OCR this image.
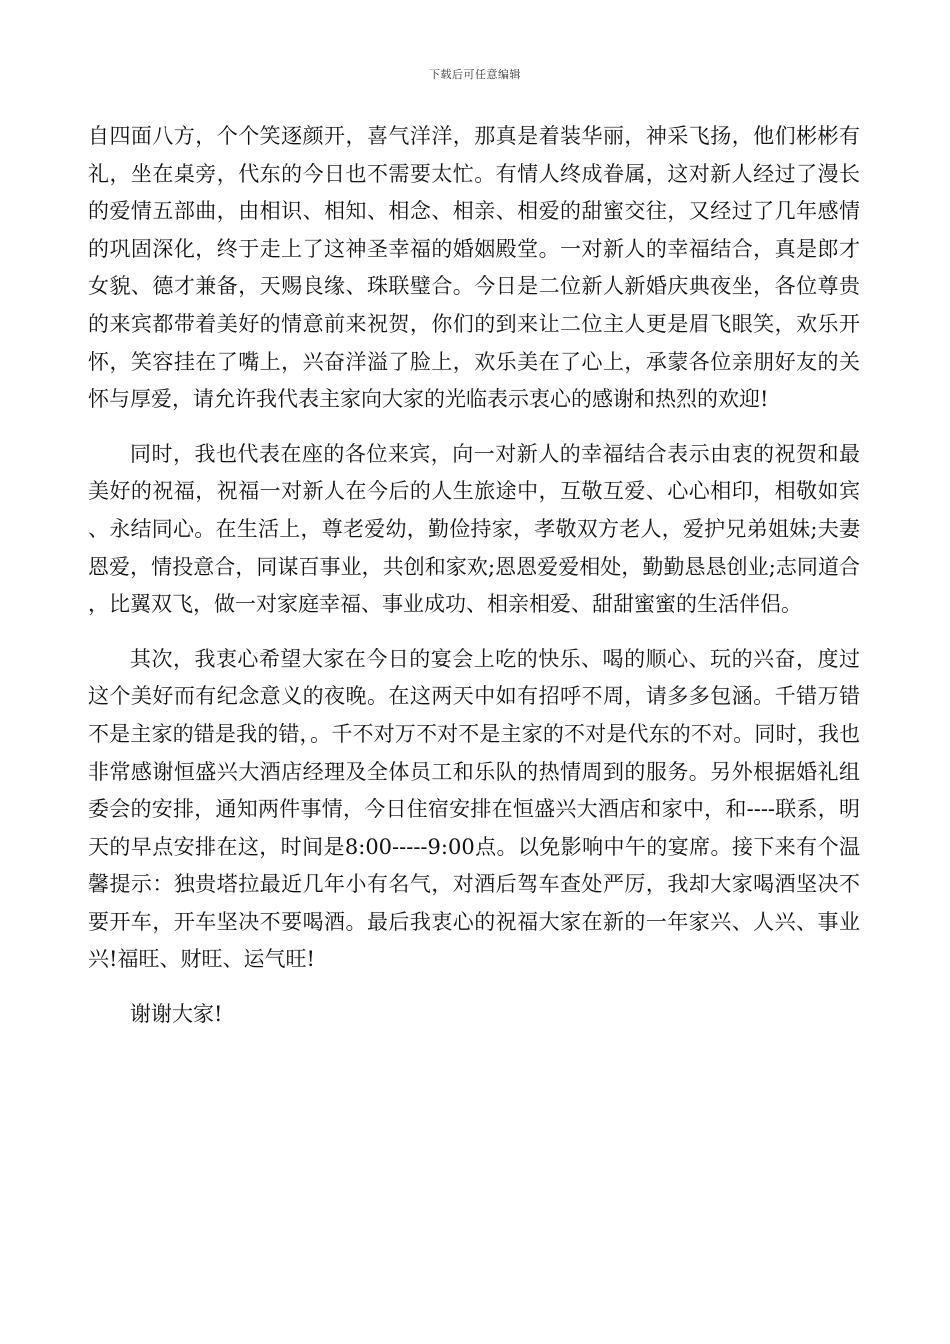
下载后可任意编辑

自四面八方，个个笑逐颜开，喜气洋洋，那真是着装华丽，神采飞扬，他们彬彬有礼，坐在桌旁，代东的今日也不需要太忙。有情人终成眷属，这对新人经过了漫长的爱情五部曲，由相识、相知、相念、相亲、相爱的甜蜜交往，又经过了几年感情的巩固深化，终于走上了这神圣幸福的婚姻殿堂。一对新人的幸福结合，真是郎才女貌、德才兼备，天赐良缘、珠联璧合。今日是二位新人新婚庆典夜坐，各位尊贵的来宾都带着美好的情意前来祝贺，你们的到来让二位主人更是眉飞眼笑，欢乐开怀，笑容挂在了嘴上，兴奋洋溢了脸上，欢乐美在了心上，承蒙各位亲朋好友的关怀与厚爱，请允许我代表主家向大家的光临表示衷心的感谢和热烈的欢迎!

同时，我也代表在座的各位来宾，向一对新人的幸福结合表示由衷的祝贺和最美好的祝福，祝福一对新人在今后的人生旅途中，互敬互爱、心心相印，相敬如宾、永结同心。在生活上，尊老爱幼，勤俭持家，孝敬双方老人，爱护兄弟姐妹;夫妻恩爱，情投意合，同谋百事业，共创和家欢;恩恩爱爱相处，勤勤恳恳创业;志同道合，比翼双飞，做一对家庭幸福、事业成功、相亲相爱、甜甜蜜蜜的生活伴侣。

其次，我衷心希望大家在今日的宴会上吃的快乐、喝的顺心、玩的兴奋，度过这个美好而有纪念意义的夜晚。在这两天中如有招呼不周，请多多包涵。千错万错不是主家的错是我的错，。千不对万不对不是主家的不对是代东的不对。同时，我也非常感谢恒盛兴大酒店经理及全体员工和乐队的热情周到的服务。另外根据婚礼组委会的安排，通知两件事情，今日住宿安排在恒盛兴大酒店和家中，和----联系，明天的早点安排在这，时间是8:00-----9:00点。以免影响中午的宴席。接下来有个温馨提示：独贵塔拉最近几年小有名气，对酒后驾车查处严厉，我却大家喝酒坚决不要开车，开车坚决不要喝酒。最后我衷心的祝福大家在新的一年家兴、人兴、事业兴!福旺、财旺、运气旺!

谢谢大家!
